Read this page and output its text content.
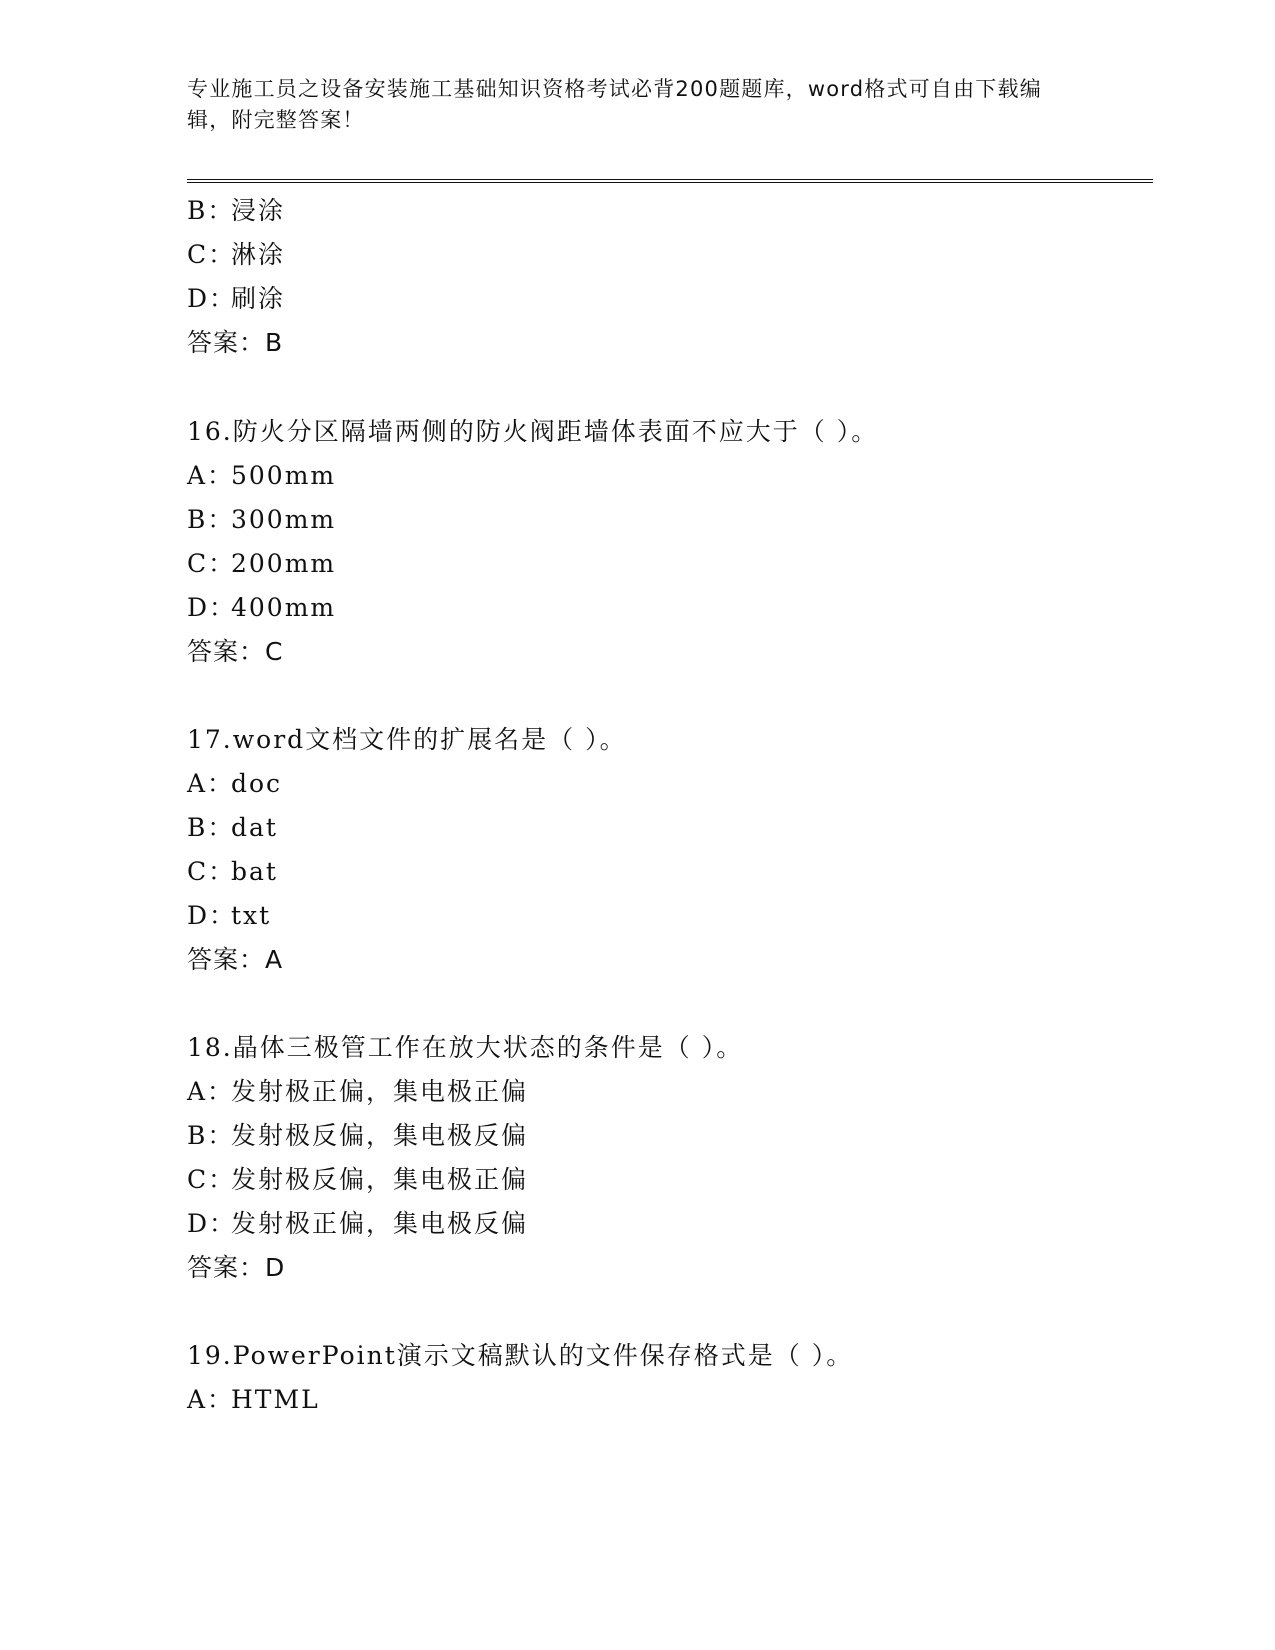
专业施工员之设备安装施工基础知识资格考试必背200题题库，word格式可自由下载编辑，附完整答案！
B：浸涂
C：淋涂
D：刷涂
答案：B
16.防火分区隔墙两侧的防火阀距墙体表面不应大于（ ）。
A：500mm
B：300mm
C：200mm
D：400mm
答案：C
17.word文档文件的扩展名是（ ）。
A：doc
B：dat
C：bat
D：txt
答案：A
18.晶体三极管工作在放大状态的条件是（ ）。
A：发射极正偏，集电极正偏
B：发射极反偏，集电极反偏
C：发射极反偏，集电极正偏
D：发射极正偏，集电极反偏
答案：D
19.PowerPoint演示文稿默认的文件保存格式是（ ）。
A：HTML
